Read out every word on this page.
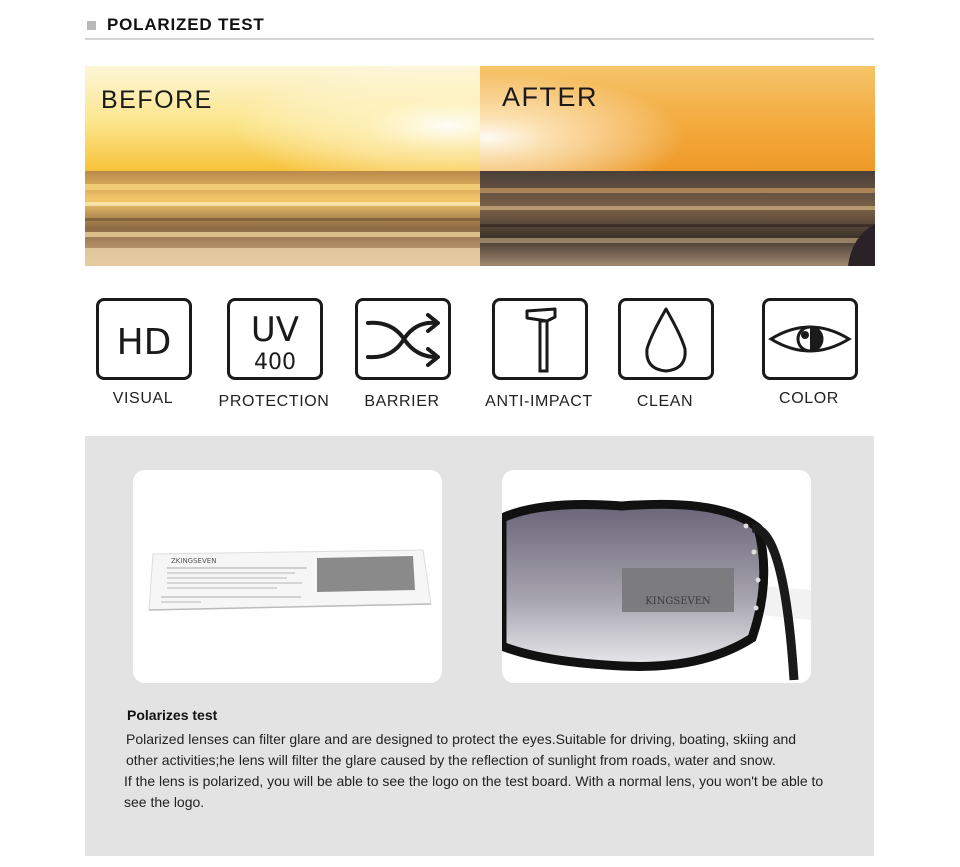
POLARIZED TEST
BEFORE	AFTER
HD
VISUAL
UV
400
PROTECTION	BARRIER	ANTI-IMPACT	CLEAN	COLOR
ZKINGSEVEN
KINGSEVEN
Polarizes test

Polarized lenses can filter glare and are designed to protect the eyes.Suitable for driving, boating, skiing and other activities;he lens will filter the glare caused by the reflection of sunlight from roads, water and snow.

If the lens is polarized, you will be able to see the logo on the test board. With a normal lens, you won't be able to see the logo.
